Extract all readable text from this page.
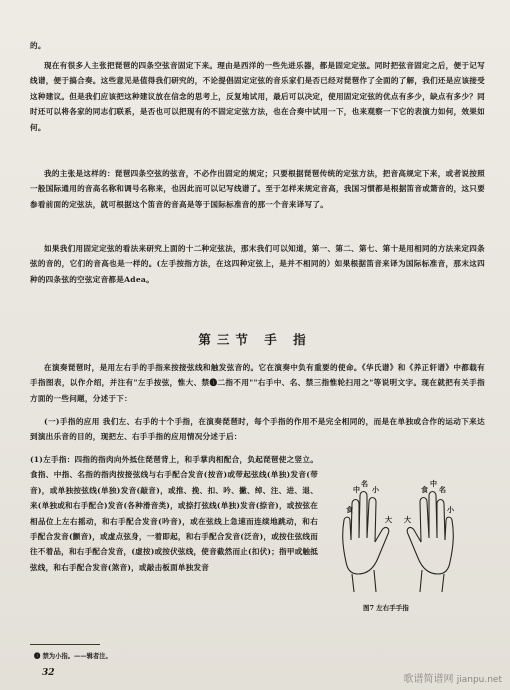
的。

现在有很多人主张把琵琶的四条空弦音固定下来。理由是西洋的一些先进乐器，都是固定定弦。同时把弦音固定之后，便于记写线谱，便于搞合奏。这些意见是值得我们研究的，不论提倡固定定弦的音乐家们是否已经对琵琶作了全面的了解，我们还是应该接受这种建议。但是我们应该把这种建议放在信念的思考上，反复地试用，最后可以决定，使用固定定弦的优点有多少，缺点有多少？同时还可以将各家的同志们联系，是否也可以把现有的不固定定弦方法，也在合奏中试用一下，也来观察一下它的表演力如何，效果如何。

我的主张是这样的：琵琶四条空弦的弦音，不必作出固定的规定；只要根据琵琶传统的定弦方法，把音高规定下来，或者说按照一般国际通用的音高名称和调号名称来，也因此而可以记写线谱了。至于怎样来规定音高，我国习惯都是根据笛音或箫音的，这只要参看前面的定弦法，就可根据这个笛音的音高是等于国际标准音的那一个音来译写了。

如果我们用固定定弦的看法来研究上面的十二种定弦法，那末我们可以知道，第一、第二、第七、第十是用相同的方法来定四条弦的音的，它们的音高也是一样的。(左手按指方法，在这四种定弦上，是并不相同的）如果根据笛音来译为国际标准音，那末这四种的四条弦的空弦定音都是Adea。

第三节 手 指

在演奏琵琶时，是用左右手的手指来按接弦线和触发弦音的。它在演奏中负有重要的使命。《华氏谱》和《养正轩谱》中都载有手指图表，以作介绍，并注有"左手按弦，惟大、禁❶二指不用""右手中、名、禁三指惟轮扫用之"等说明文字。现在就把有关手指方面的一些问题，分述于下：

(一)手指的应用 我们左、右手的十个手指，在演奏琵琶时，每个手指的作用不是完全相同的，而是在单独或合作的运动下来达到演出乐音的目的，现把左、右手手指的应用情况分述于后：

(1)左手指：四指的指肉向外抵住琵琶背上，和手掌肉相配合，负起琵琶使之竖立。食指、中指、名指的指肉按接弦线与右手配合发音(按音)或带起弦线(单独)发音(带音)，或单独按弦线(单独)发音(敲音)，或推、挽、扣、吟、撇、绰、注、进、退、来(单独或和右手配合)发音(各种滑音类)，或捺打弦线(单独)发音(捺音)，或按弦在相品位上左右摇动，和右手配合发音(吟音)，或在弦线上急速而连续地跳动，和右手配合发音(颤音)，或虚点弦身，一着即起，和右手配合发音(泛音)，或按住弦线而往不着品，和右手配合发音，(虚按)或按伏弦线，使音截然而止(扣伏)；指甲或触抵弦线，和右手配合发音(煞音)，或敲击板面单独发音

食
中
名
小
大 大
食
中
名
小

图7 左右手手指

❶ 禁为小指。——辑者注。

32

歌谱简谱网 jianpu.net
